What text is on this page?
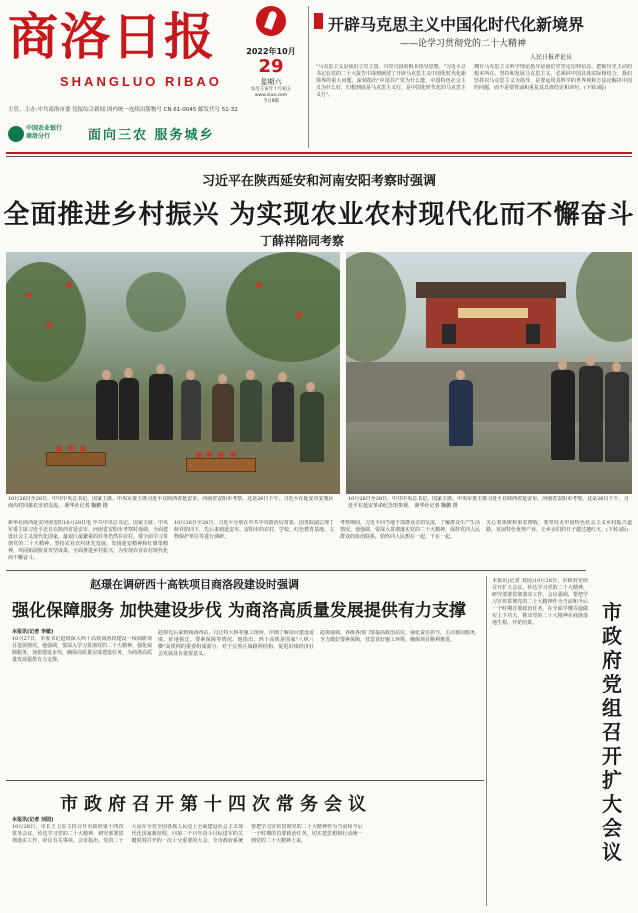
商洛日报
SHANGLUO RIBAO
主管、主办:中共商洛市委 党报综合新闻 国内统一连续出版物号 CN 61-0045 邮发代号 51-32
中国农业银行
商洛分行	面向三农 服务城乡
2022年10月
29
星期六
农历壬寅年十月初五
www.sluo.com
今日8版
开辟马克思主义中国化时代化新境界
——论学习贯彻党的二十大精神
人民日报评论员
"马克思主义是我们立党立国、兴党兴国的根本指导思想。"习近平总书记在党的二十大报告中深刻阐述了开辟马克思主义中国化时代化新境界的重大问题，深刻指出"中国共产党为什么能，中国特色社会主义为什么好，归根到底是马克思主义行，是中国化时代化的马克思主义行"。
拥有马克思主义科学理论指导是我们党坚定信仰信念、把握历史主动的根本所在。坚持和发展马克思主义，必须同中国具体实际相结合。我们坚持以马克思主义为指导，是要运用其科学的世界观和方法论解决中国的问题，而不是要背诵和重复其具体结论和词句。(下转3版)
习近平在陕西延安和河南安阳考察时强调
全面推进乡村振兴 为实现农业农村现代化而不懈奋斗
丁薛祥陪同考察
10月26日至28日，中共中央总书记、国家主席、中央军委主席习近平在陕西省延安市、河南省安阳市考察。这是26日下午，习近平在延安市安塞区南沟村同果农亲切交流。 新华社记者 鞠鹏 摄
10月26日至28日，中共中央总书记、国家主席、中央军委主席习近平在陕西省延安市、河南省安阳市考察。这是26日下午，习近平在延安革命纪念馆参观。 新华社记者 鞠鹏 摄
新华社陕西延安河南安阳10月28日电 中共中央总书记、国家主席、中央军委主席习近平近日在陕西省延安市、河南省安阳市考察时强调，全面建设社会主义现代化国家，最艰巨最繁重的任务仍然在农村。要全面学习贯彻党的二十大精神，坚持农业农村优先发展，发扬延安精神和红旗渠精神，巩固拓展脱贫攻坚成果，全面推进乡村振兴，为实现农业农村现代化而不懈奋斗。
10月26日至28日，习近平分别在中共中央政治局常委、国务院副总理丁薛祥陪同下，先后来到延安市、安阳市的农村、学校、红色教育基地、文物保护单位等进行调研。
考察期间，习近平同当地干部群众亲切交流，了解群众生产生活情况。他强调，要深入贯彻落实党的二十大精神，保持党同人民群众的血肉联系，始终同人民想在一起、干在一起。
关心着果树和果农增收，要坚持走中国特色社会主义乡村振兴道路，发展特色优势产业，让乡亲们的日子越过越红火。(下转3版)
赵璟在调研西十高铁项目商洛段建设时强调
强化保障服务 加快建设步伐 为商洛高质量发展提供有力支撑
本报讯(记者 李敏)
10月27日，市委书记赵璟深入西十高铁商洛段建设一线调研项目进展情况。他强调，要深入学习贯彻党的二十大精神，强化保障服务，加快建设步伐，确保高质量完成建设任务，为商洛高质量发展提供有力支撑。
赵璟先后来到商洛西站、丹江特大桥等施工现场，详细了解项目建设进度、征地拆迁、要素保障等情况。他指出，西十高铁是国家"八纵八横"高铁网的重要组成部分，对于完善区域路网结构、促进沿线经济社会发展具有重要意义。
赵璟强调，各级各部门要提高政治站位，强化责任担当，主动靠前服务，全力做好要素保障，营造良好施工环境，确保项目顺利推进。
本报讯(记者 刘园)10月28日，市政府党组召开扩大会议，传达学习党的二十大精神，研究部署贯彻落实工作。会议强调，要把学习宣传贯彻党的二十大精神作为当前和今后一个时期首要政治任务，在全面学懂弄通做实上下功夫，推动党的二十大精神在商洛落地生根、开花结果。	市政府党组召开扩大会议
市政府召开第十四次常务会议
本报讯(记者 刘园)
10月28日，市长王卫东主持召开市政府第十四次常务会议，传达学习党的二十大精神，研究部署贯彻落实工作，审议有关事项。会议指出，党的二十大是在全党全国各族人民迈上全面建设社会主义现代化国家新征程、向第二个百年奋斗目标进军的关键时刻召开的一次十分重要的大会。全市政府系统要把学习宣传贯彻党的二十大精神作为当前和今后一个时期的首要政治任务，切实把思想和行动统一到党的二十大精神上来。
